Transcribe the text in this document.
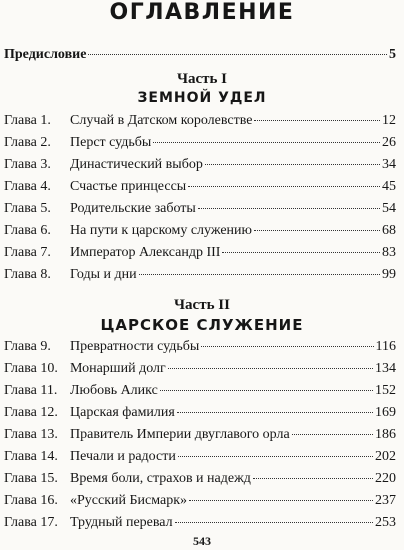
ОГЛАВЛЕНИЕ
Предисловие	5
Часть I
ЗЕМНОЙ УДЕЛ
Глава 1.	Случай в Датском королевстве	12
Глава 2.	Перст судьбы	26
Глава 3.	Династический выбор	34
Глава 4.	Счастье принцессы	45
Глава 5.	Родительские заботы	54
Глава 6.	На пути к царскому служению	68
Глава 7.	Император Александр III	83
Глава 8.	Годы и дни	99
Часть II
ЦАРСКОЕ СЛУЖЕНИЕ
Глава 9.	Превратности судьбы	116
Глава 10. Монарший долг	134
Глава 11. Любовь Аликс	152
Глава 12. Царская фамилия	169
Глава 13. Правитель Империи двуглавого орла	186
Глава 14. Печали и радости	202
Глава 15. Время боли, страхов и надежд	220
Глава 16. «Русский Бисмарк»	237
Глава 17. Трудный перевал	253
543
